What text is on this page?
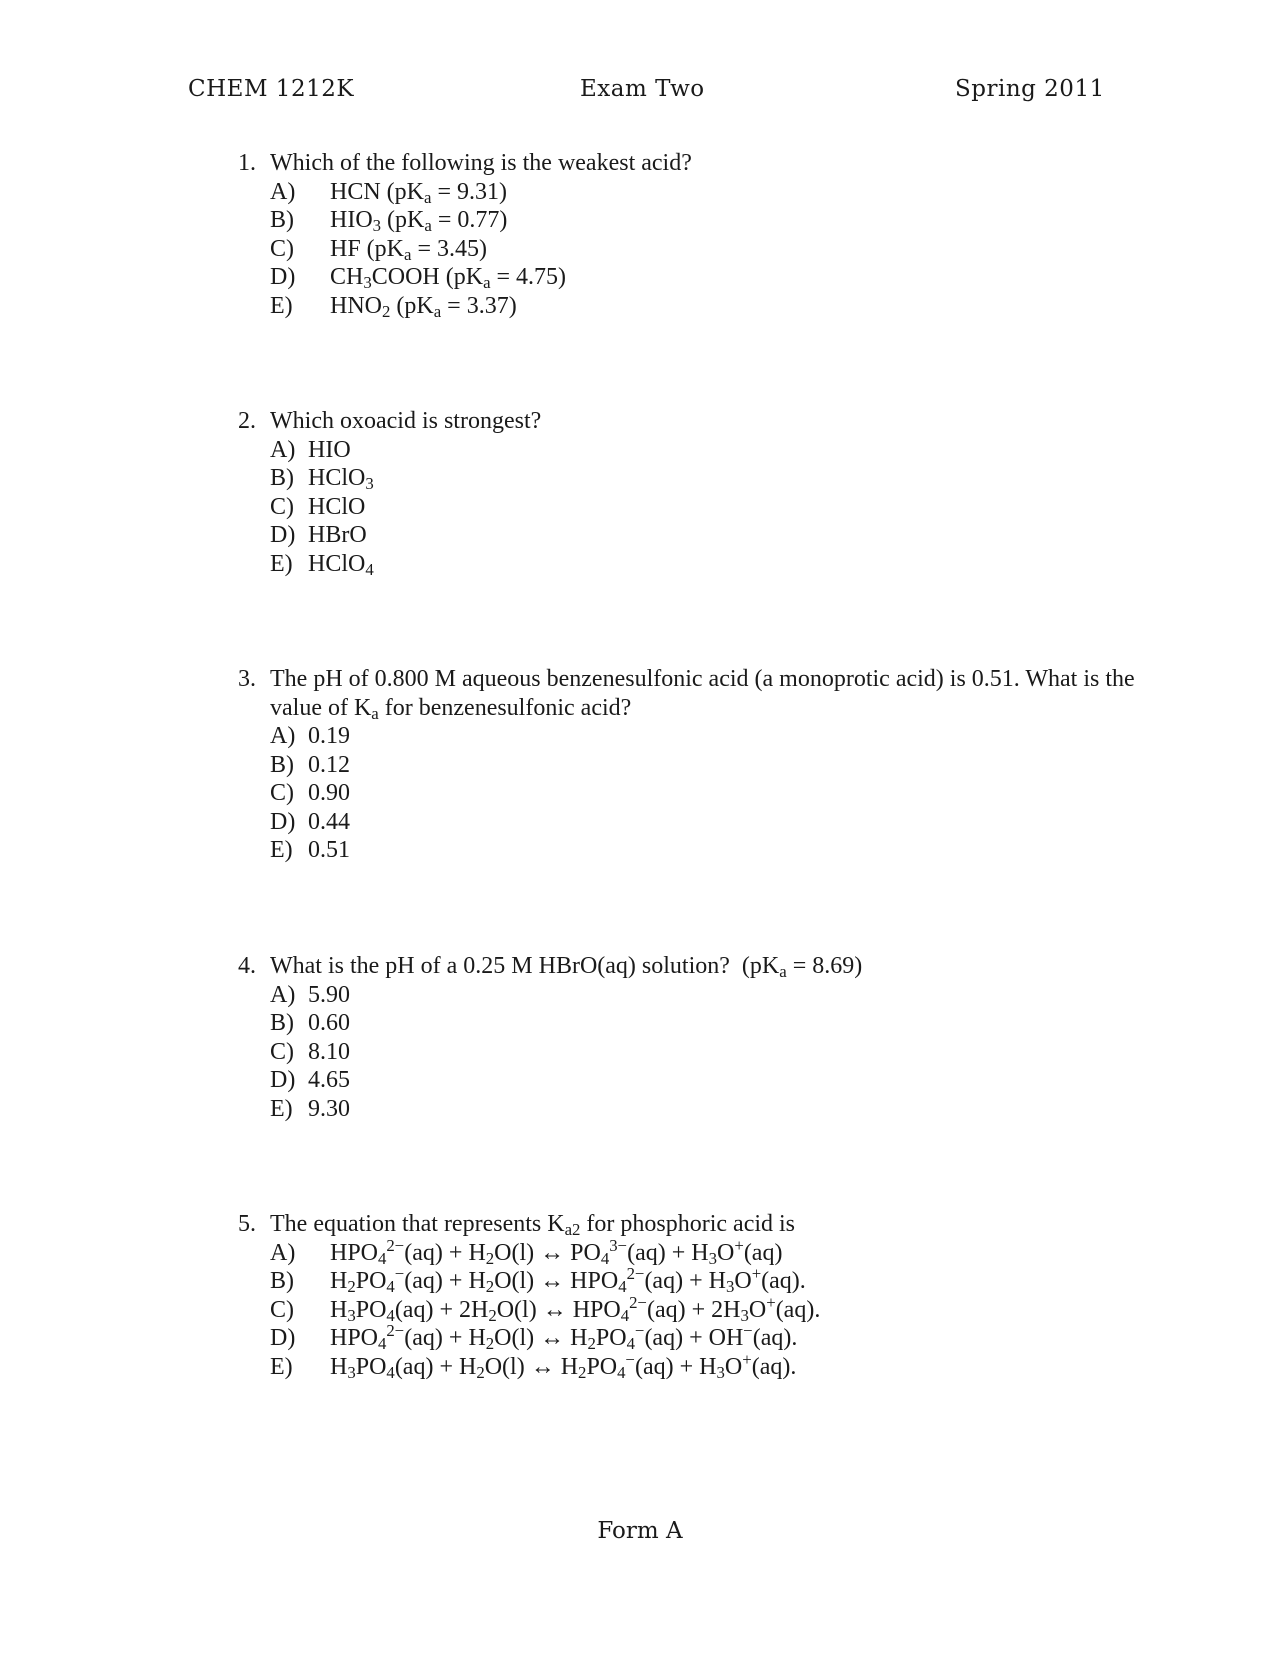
CHEM 1212K	Exam Two	Spring 2011
1. Which of the following is the weakest acid?
A)	HCN $(pK_a = 9.31)$
B)	$HIO_3$ $(pK_a = 0.77)$
C)	HF $(pK_a = 3.45)$
D)	$CH_3COOH$ $(pK_a = 4.75)$
E)	$HNO_2$ $(pK_a = 3.37)$
2. Which oxoacid is strongest?
A) HIO
B) HClO$_3$
C) HClO
D) HBrO
E) HClO$_4$
3. The pH of 0.800 M aqueous benzenesulfonic acid (a monoprotic acid) is 0.51. What is the value of $K_a$ for benzenesulfonic acid?
A) 0.19
B) 0.12
C) 0.90
D) 0.44
E) 0.51
4. What is the pH of a 0.25 M HBrO(aq) solution?  $(pK_a = 8.69)$
A) 5.90
B) 0.60
C) 8.10
D) 4.65
E) 9.30
5. The equation that represents $K_{a2}$ for phosphoric acid is
A)	$HPO_4^{2-}(aq) + H_2O(l)$ ↔ $PO_4^{3-}(aq) + H_3O^+(aq)$
B)	$H_2PO_4^-(aq) + H_2O(l)$ ↔ $HPO_4^{2-}(aq) + H_3O^+(aq)$.
C)	$H_3PO_4(aq) + 2H_2O(l)$ ↔ $HPO_4^{2-}(aq) + 2H_3O^+(aq)$.
D)	$HPO_4^{2-}(aq) + H_2O(l)$ ↔ $H_2PO_4^-(aq) + OH^-(aq)$.
E)	$H_3PO_4(aq) + H_2O(l)$ ↔ $H_2PO_4^-(aq) + H_3O^+(aq)$.
Form A
